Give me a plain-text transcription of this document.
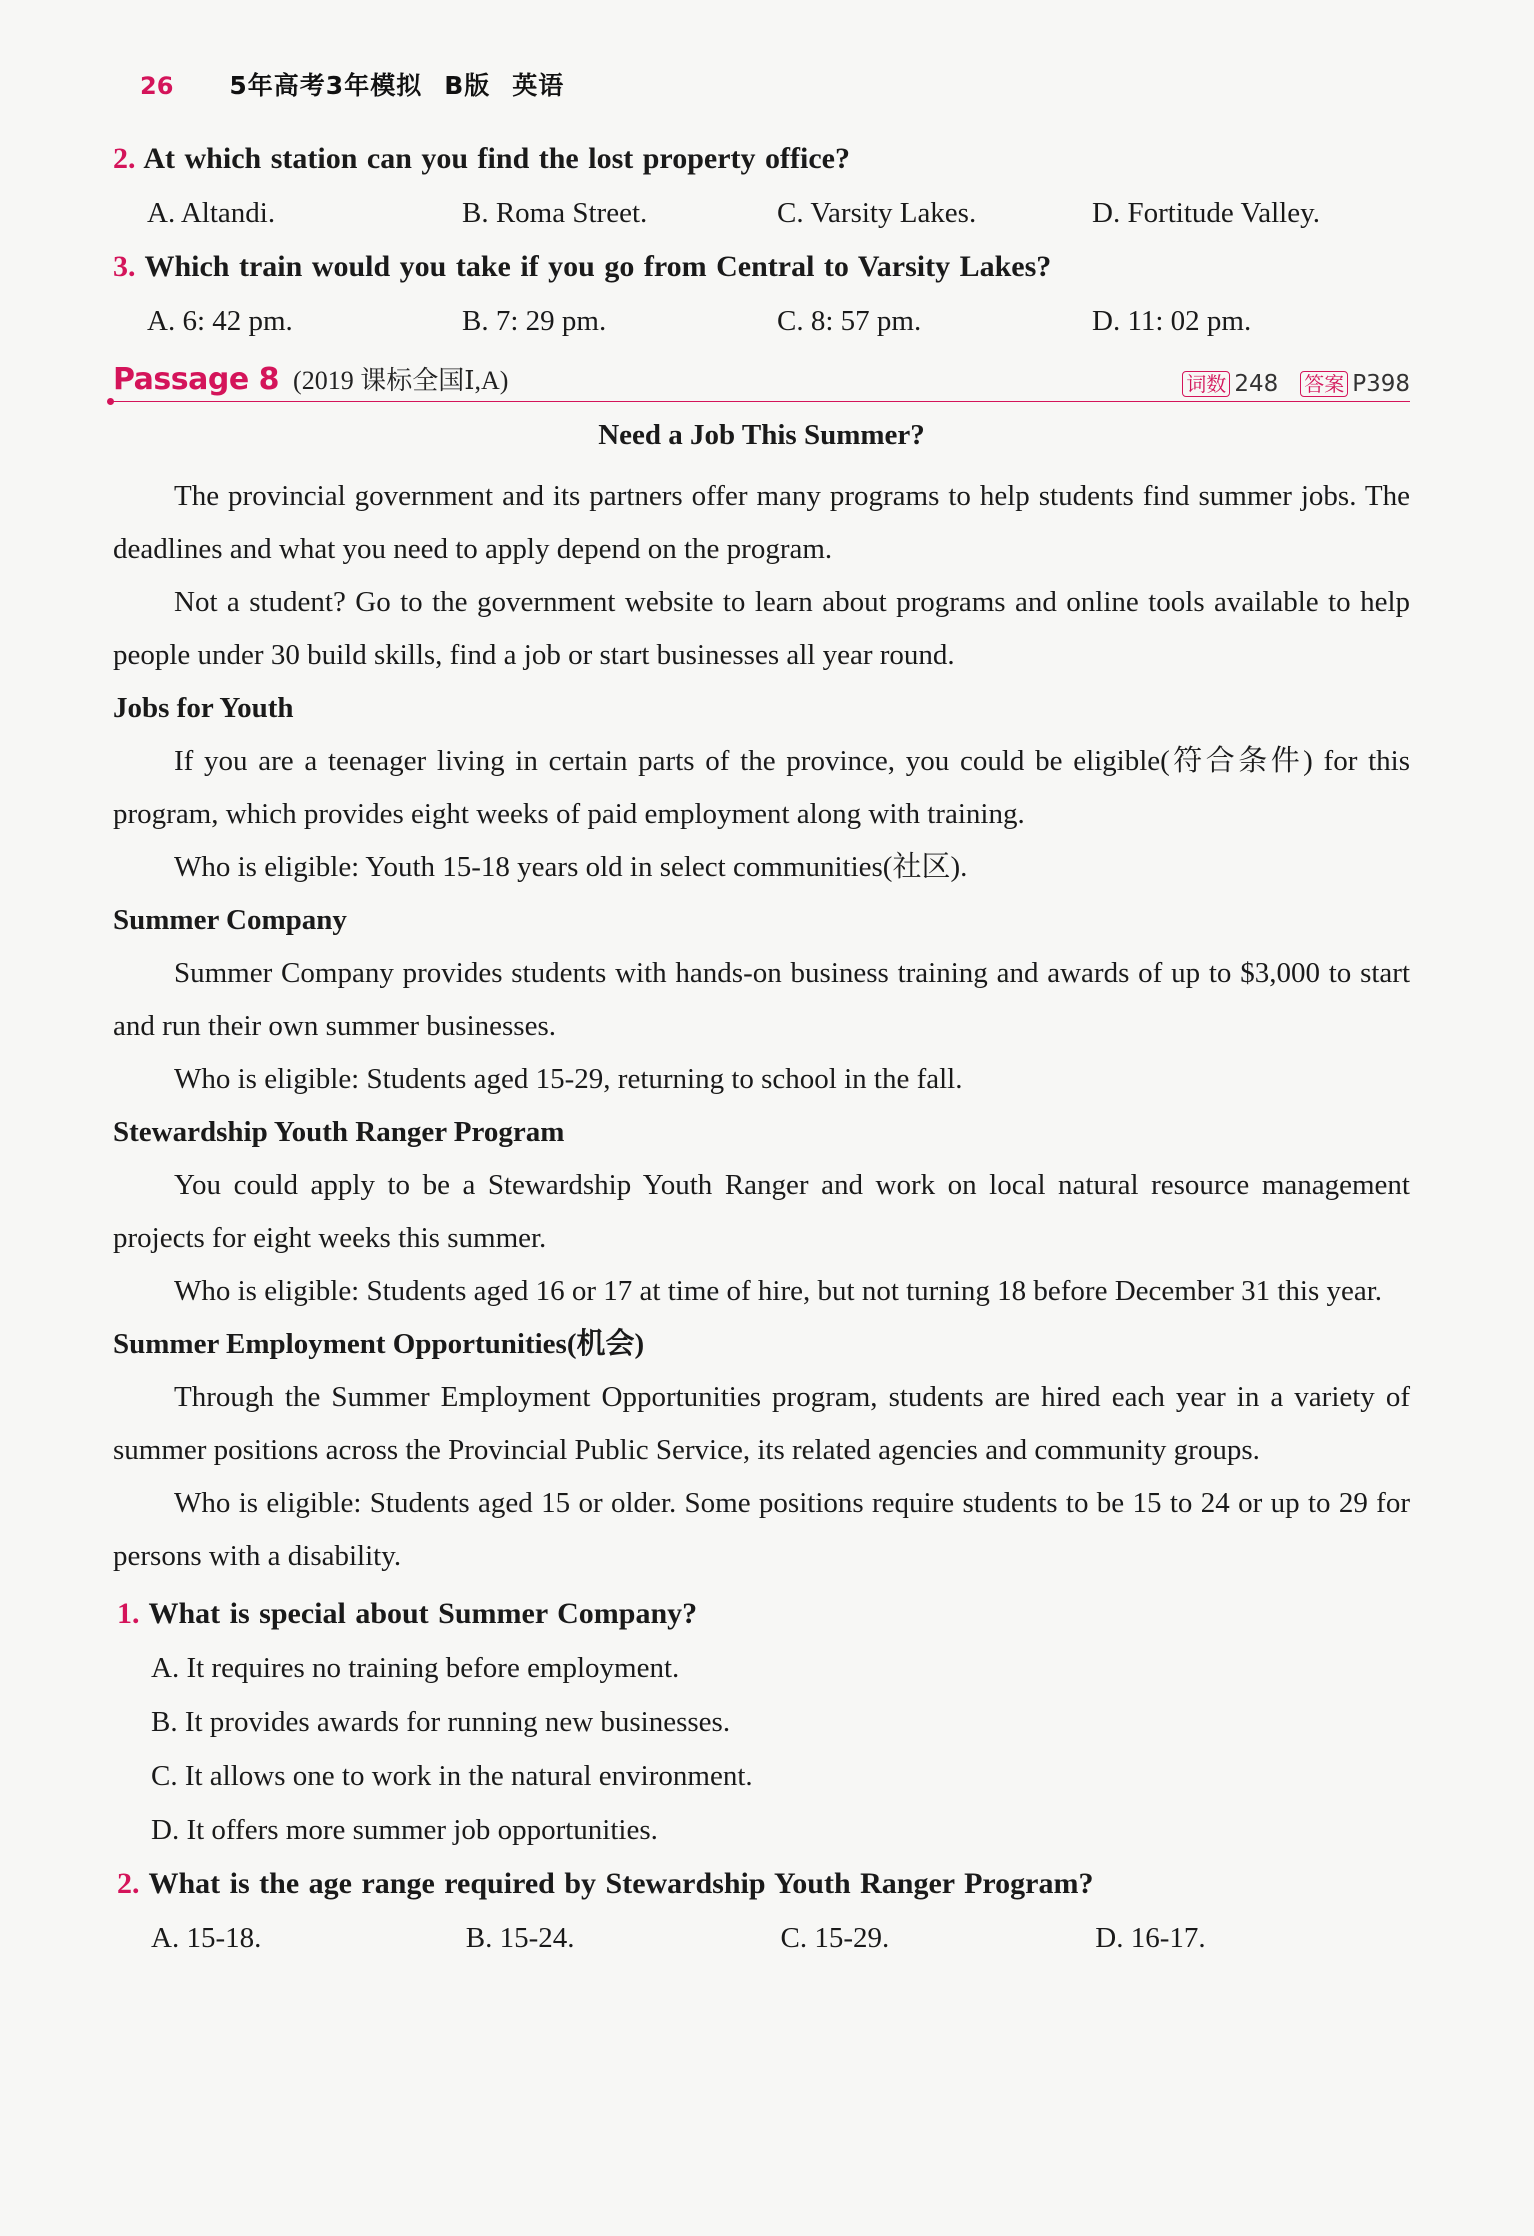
26 5年高考3年模拟 B版 英语
2. At which station can you find the lost property office?
A. Altandi.	B. Roma Street.	C. Varsity Lakes.	D. Fortitude Valley.
3. Which train would you take if you go from Central to Varsity Lakes?
A. 6: 42 pm.	B. 7: 29 pm.	C. 8: 57 pm.	D. 11: 02 pm.
Passage 8 (2019 课标全国Ⅰ,A)	词数 248 答案 P398
Need a Job This Summer?

The provincial government and its partners offer many programs to help students find summer jobs. The deadlines and what you need to apply depend on the program.

Not a student? Go to the government website to learn about programs and online tools available to help people under 30 build skills, find a job or start businesses all year round.

Jobs for Youth

If you are a teenager living in certain parts of the province, you could be eligible(符合条件) for this program, which provides eight weeks of paid employment along with training.

Who is eligible: Youth 15-18 years old in select communities(社区).

Summer Company

Summer Company provides students with hands-on business training and awards of up to $3,000 to start and run their own summer businesses.

Who is eligible: Students aged 15-29, returning to school in the fall.

Stewardship Youth Ranger Program

You could apply to be a Stewardship Youth Ranger and work on local natural resource management projects for eight weeks this summer.

Who is eligible: Students aged 16 or 17 at time of hire, but not turning 18 before December 31 this year.

Summer Employment Opportunities(机会)

Through the Summer Employment Opportunities program, students are hired each year in a variety of summer positions across the Provincial Public Service, its related agencies and community groups.

Who is eligible: Students aged 15 or older. Some positions require students to be 15 to 24 or up to 29 for persons with a disability.

1. What is special about Summer Company?
A. It requires no training before employment.
B. It provides awards for running new businesses.
C. It allows one to work in the natural environment.
D. It offers more summer job opportunities.
2. What is the age range required by Stewardship Youth Ranger Program?
A. 15-18.	B. 15-24.	C. 15-29.	D. 16-17.
